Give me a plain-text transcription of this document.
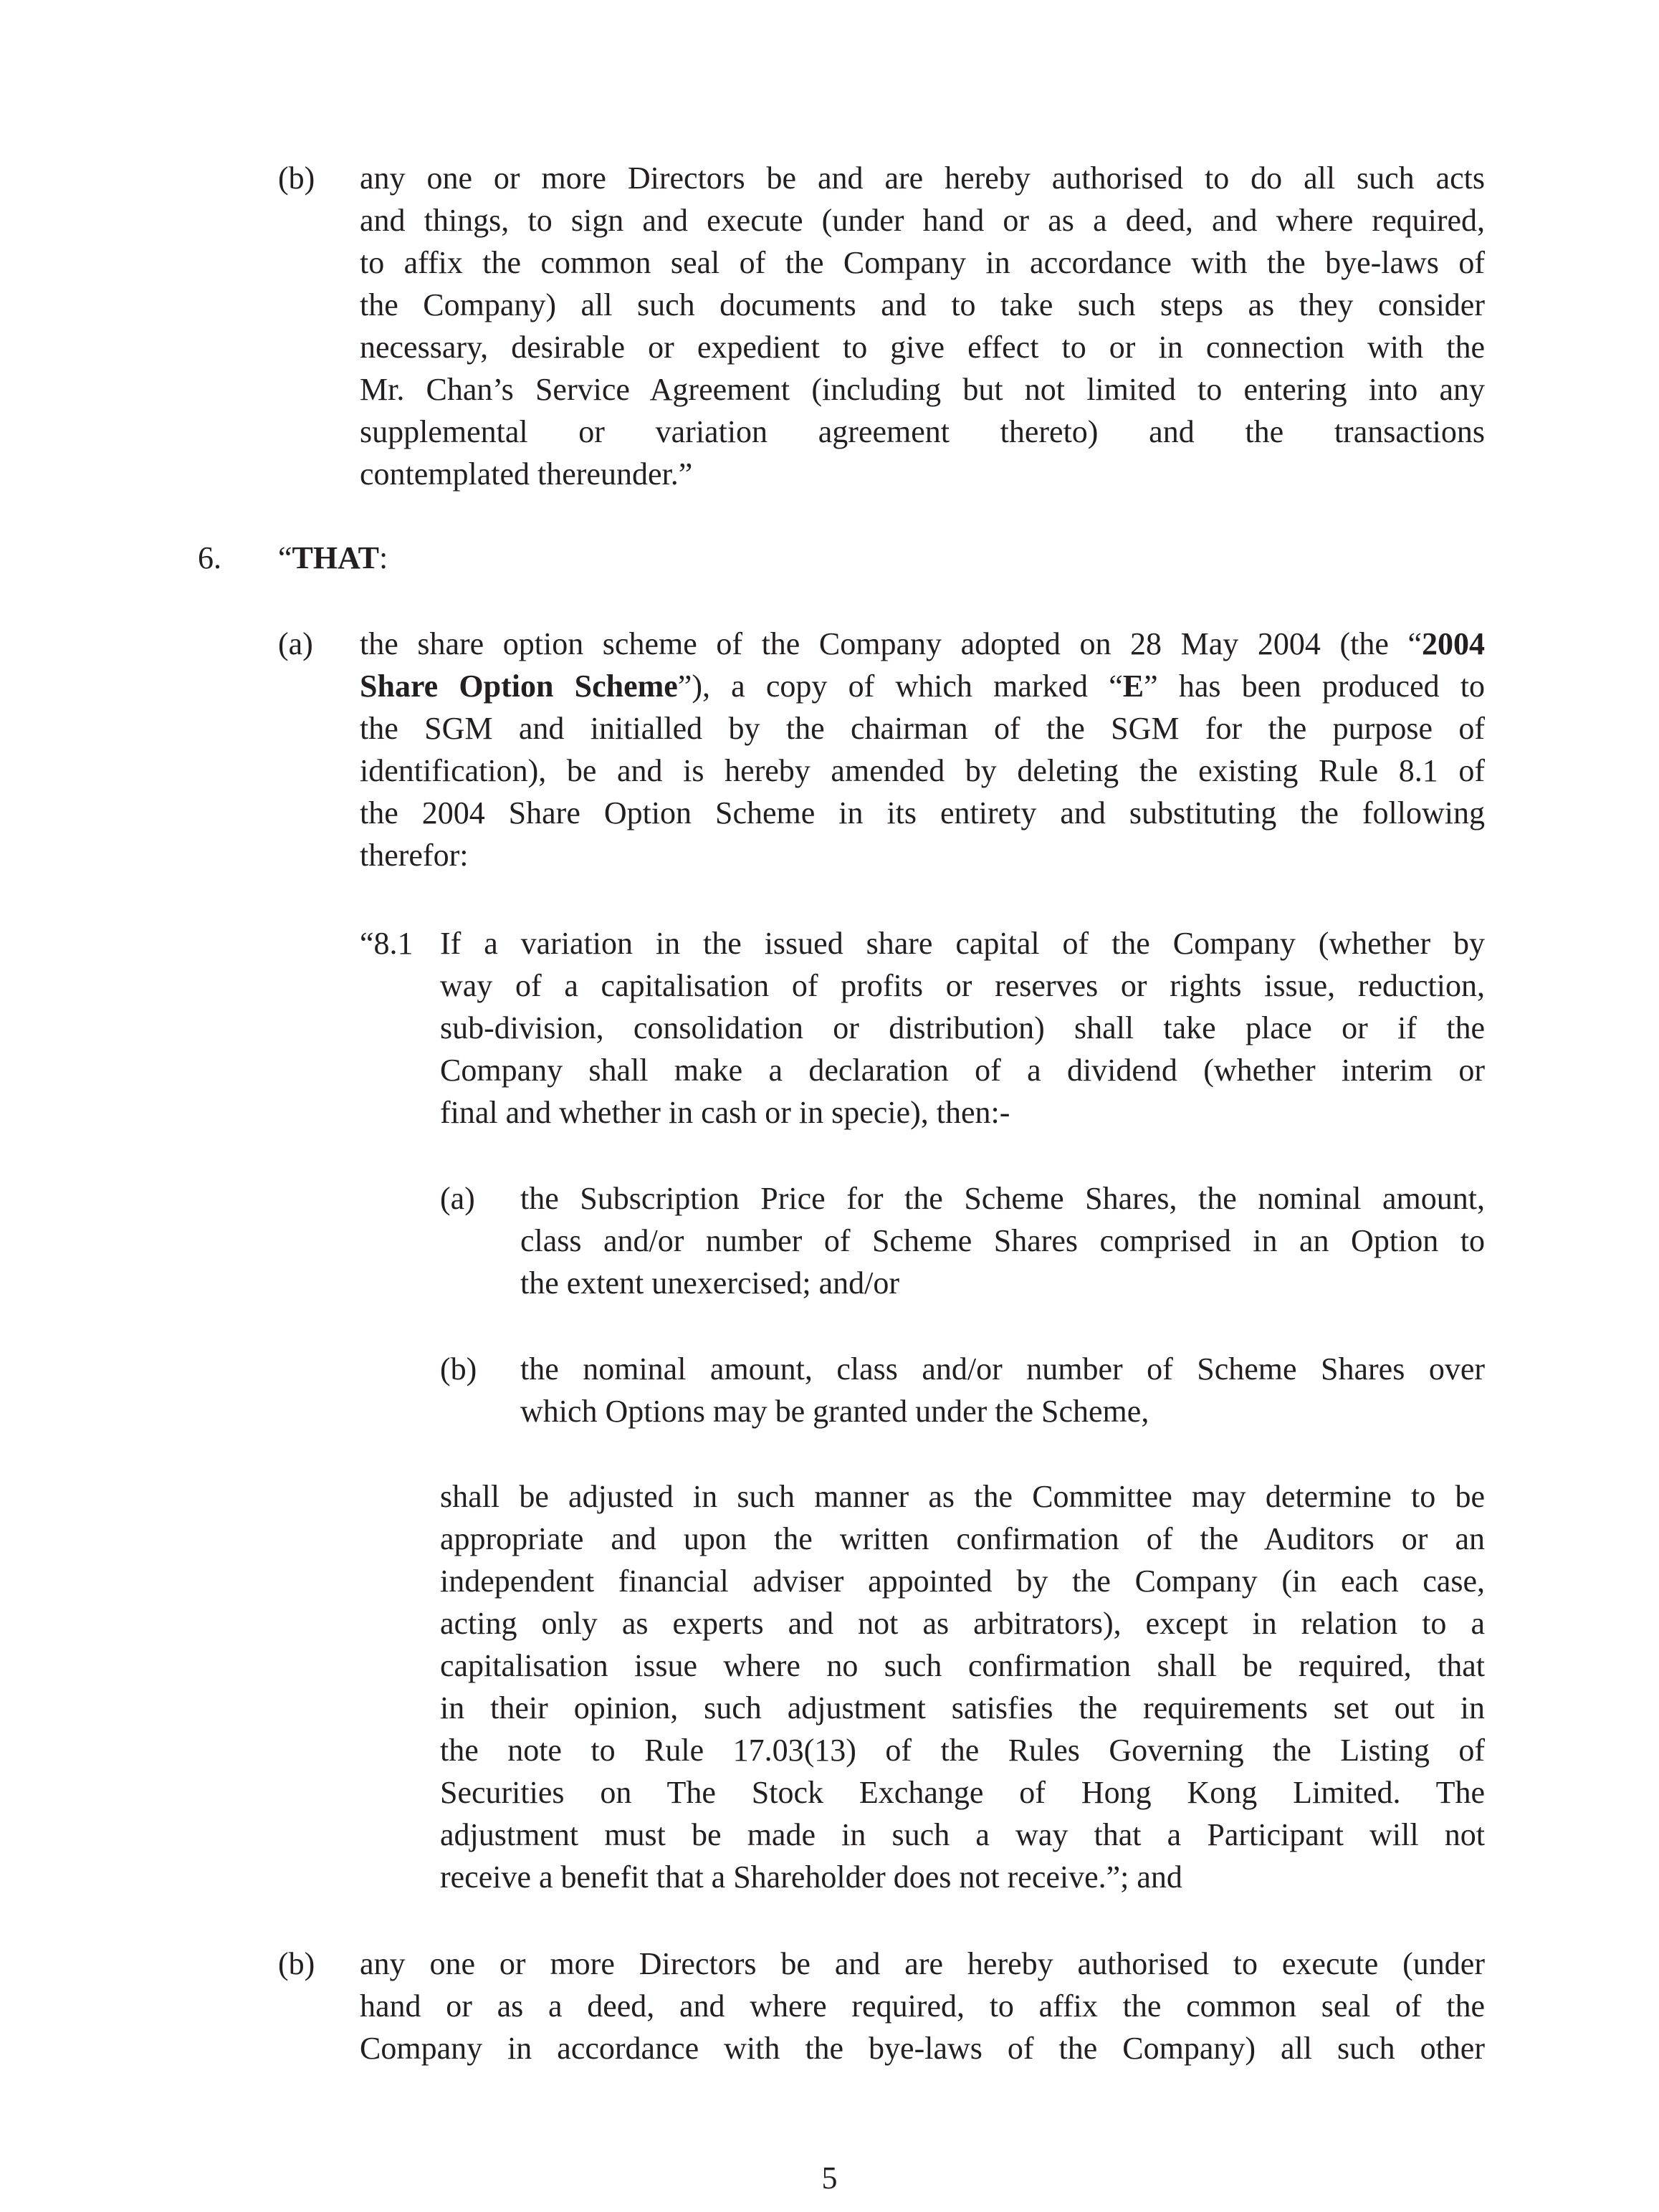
(b) any one or more Directors be and are hereby authorised to do all such acts
and things, to sign and execute (under hand or as a deed, and where required,
to affix the common seal of the Company in accordance with the bye-laws of
the Company) all such documents and to take such steps as they consider
necessary, desirable or expedient to give effect to or in connection with the
Mr. Chan’s Service Agreement (including but not limited to entering into any
supplemental or variation agreement thereto) and the transactions
contemplated thereunder.”
6. “THAT:
(a) the share option scheme of the Company adopted on 28 May 2004 (the “2004
Share Option Scheme”), a copy of which marked “E” has been produced to
the SGM and initialled by the chairman of the SGM for the purpose of
identification), be and is hereby amended by deleting the existing Rule 8.1 of
the 2004 Share Option Scheme in its entirety and substituting the following
therefor:
“8.1 If a variation in the issued share capital of the Company (whether by
way of a capitalisation of profits or reserves or rights issue, reduction,
sub-division, consolidation or distribution) shall take place or if the
Company shall make a declaration of a dividend (whether interim or
final and whether in cash or in specie), then:-
(a) the Subscription Price for the Scheme Shares, the nominal amount,
class and/or number of Scheme Shares comprised in an Option to
the extent unexercised; and/or
(b) the nominal amount, class and/or number of Scheme Shares over
which Options may be granted under the Scheme,
shall be adjusted in such manner as the Committee may determine to be
appropriate and upon the written confirmation of the Auditors or an
independent financial adviser appointed by the Company (in each case,
acting only as experts and not as arbitrators), except in relation to a
capitalisation issue where no such confirmation shall be required, that
in their opinion, such adjustment satisfies the requirements set out in
the note to Rule 17.03(13) of the Rules Governing the Listing of
Securities on The Stock Exchange of Hong Kong Limited. The
adjustment must be made in such a way that a Participant will not
receive a benefit that a Shareholder does not receive.”; and
(b) any one or more Directors be and are hereby authorised to execute (under
hand or as a deed, and where required, to affix the common seal of the
Company in accordance with the bye-laws of the Company) all such other
5
